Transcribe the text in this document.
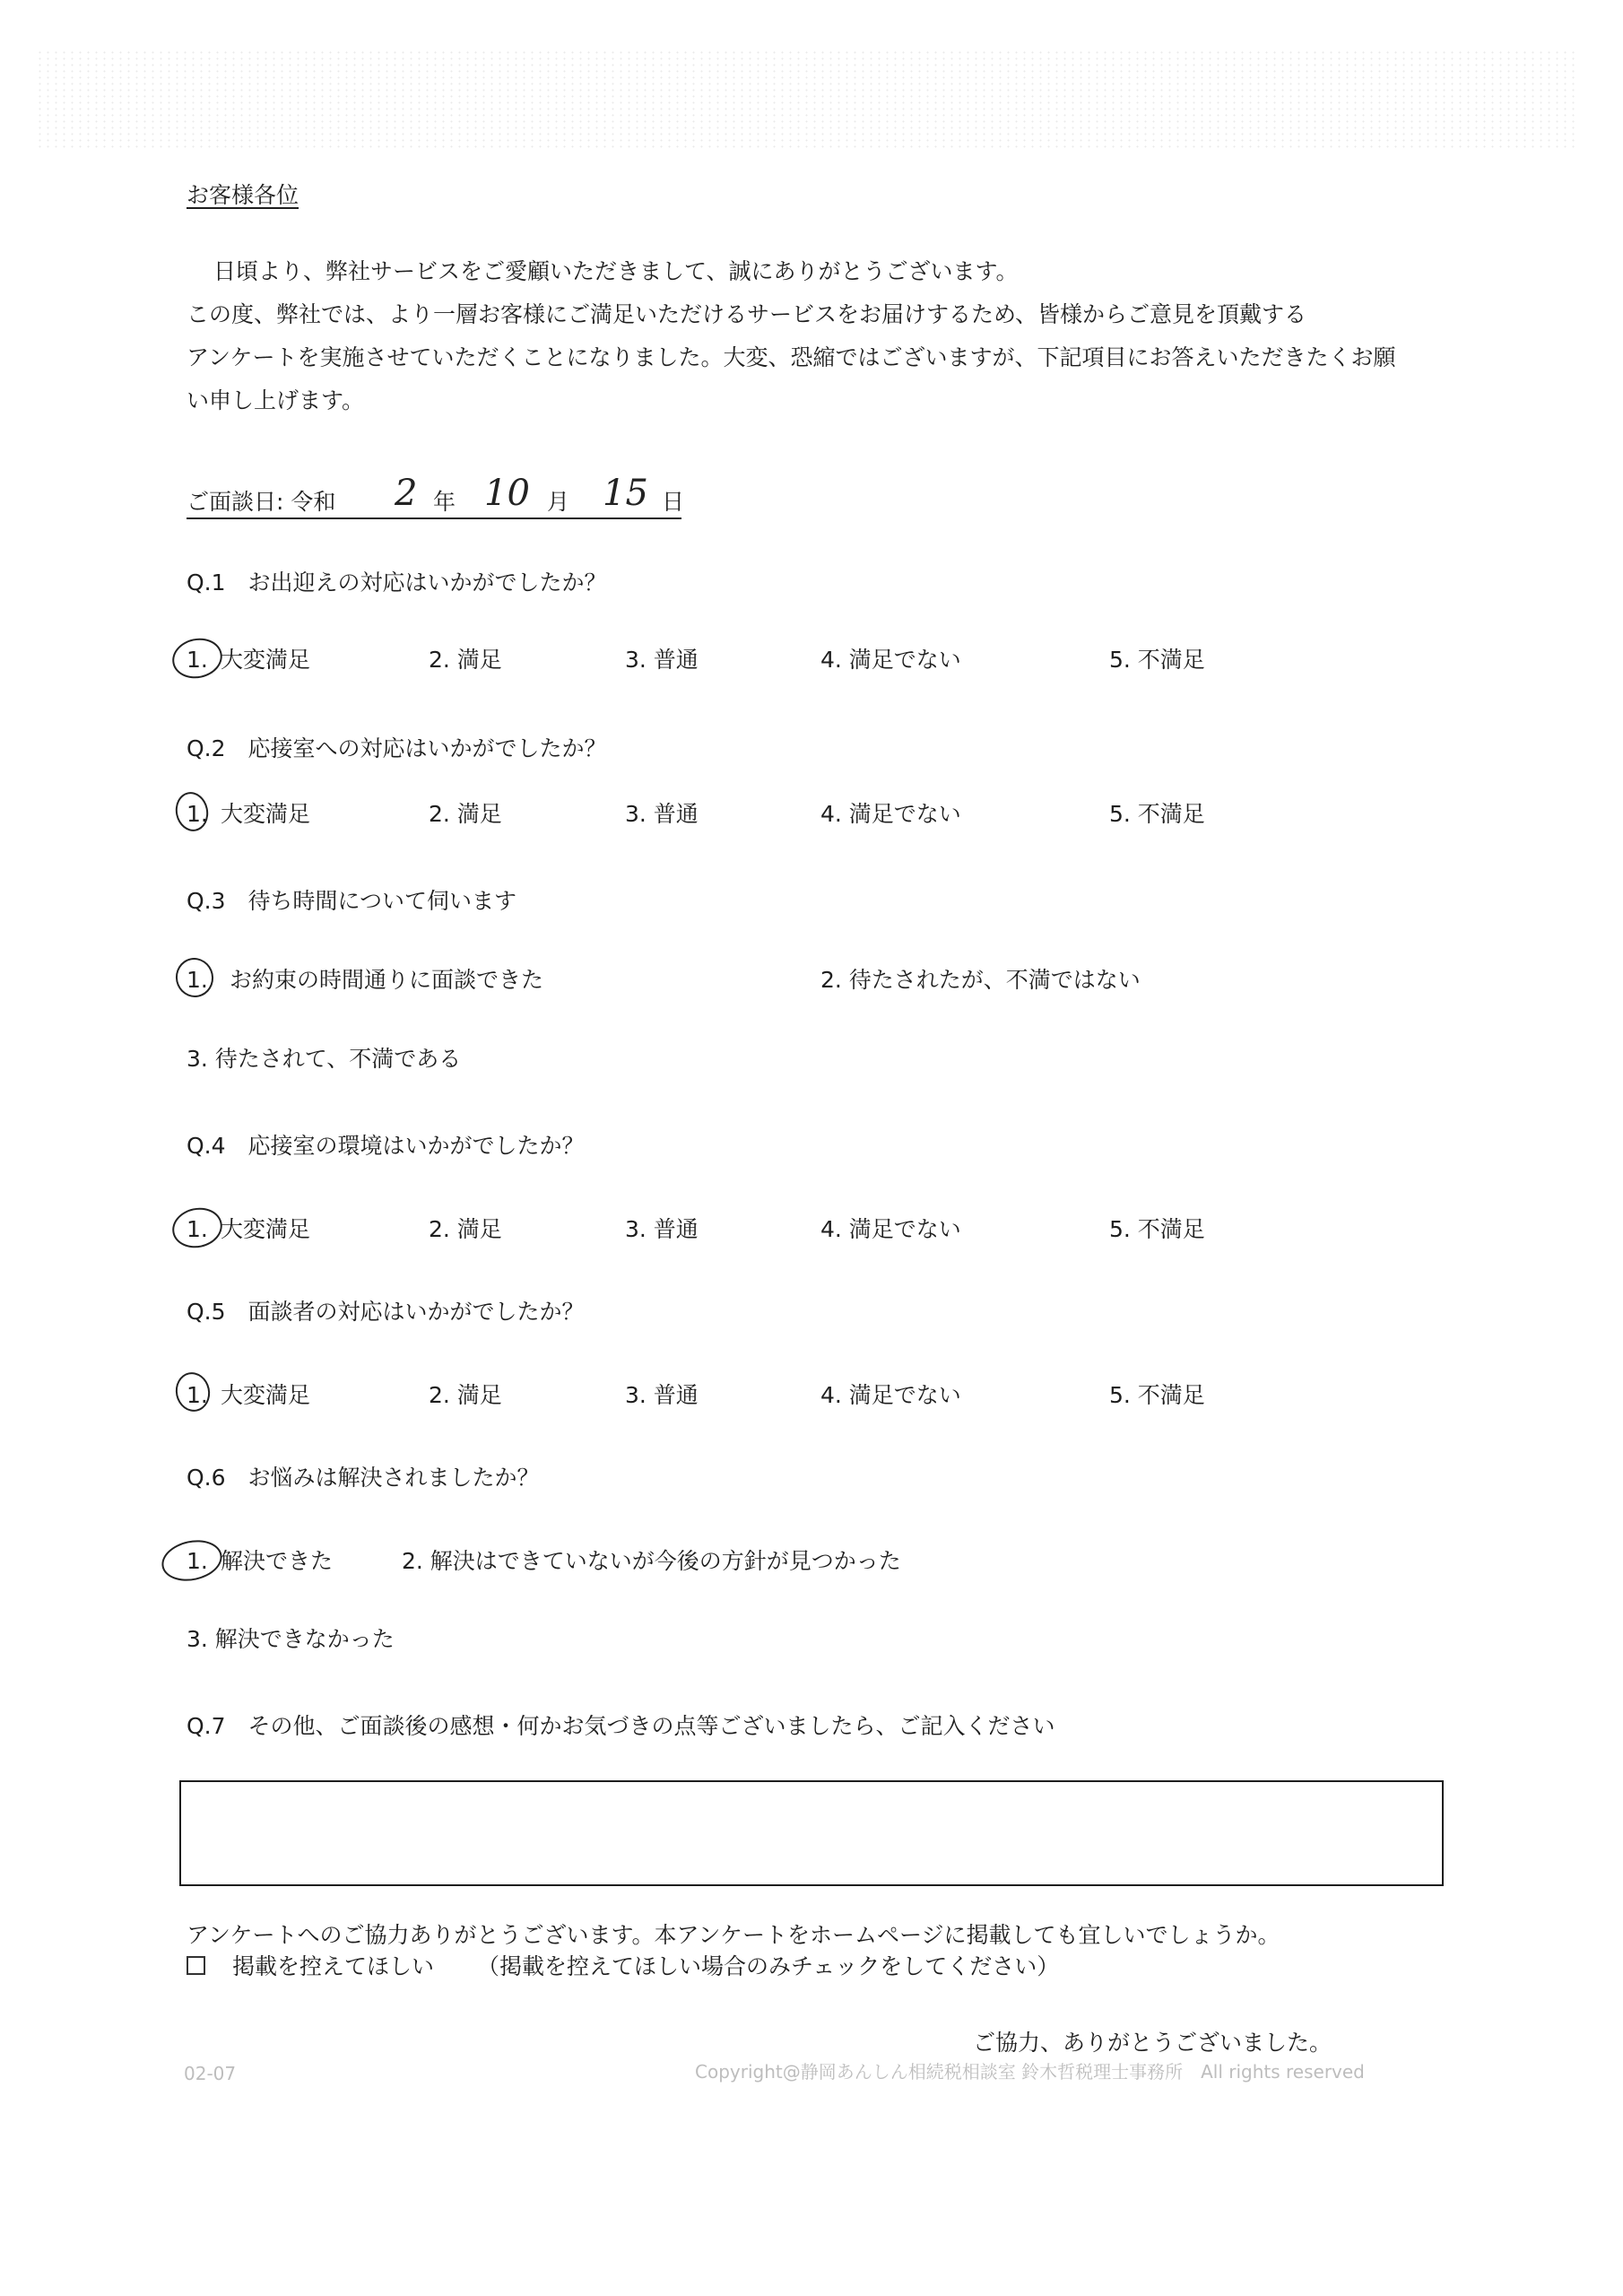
お客様各位
日頃より、弊社サービスをご愛顧いただきまして、誠にありがとうございます。
この度、弊社では、より一層お客様にご満足いただけるサービスをお届けするため、皆様からご意見を頂戴する
アンケートを実施させていただくことになりました。大変、恐縮ではございますが、下記項目にお答えいただきたくお願
い申し上げます。
ご面談日: 令和 2 年 10 月 15 日
Q.1　お出迎えの対応はいかがでしたか？
1. 大変満足	2. 満足	3. 普通	4. 満足でない	5. 不満足
Q.2　応接室への対応はいかがでしたか？
1. 大変満足	2. 満足	3. 普通	4. 満足でない	5. 不満足
Q.3　待ち時間について伺います
1. お約束の時間通りに面談できた	2. 待たされたが、不満ではない
3. 待たされて、不満である
Q.4　応接室の環境はいかがでしたか？
1. 大変満足	2. 満足	3. 普通	4. 満足でない	5. 不満足
Q.5　面談者の対応はいかがでしたか？
1. 大変満足	2. 満足	3. 普通	4. 満足でない	5. 不満足
Q.6　お悩みは解決されましたか？
1. 解決できた	2. 解決はできていないが今後の方針が見つかった
3. 解決できなかった
Q.7　その他、ご面談後の感想・何かお気づきの点等ございましたら、ご記入ください
アンケートへのご協力ありがとうございます。本アンケートをホームページに掲載しても宜しいでしょうか。
掲載を控えてほしい （掲載を控えてほしい場合のみチェックをしてください）
ご協力、ありがとうございました。
02-07	Copyright@静岡あんしん相続税相談室 鈴木哲税理士事務所　All rights reserved
